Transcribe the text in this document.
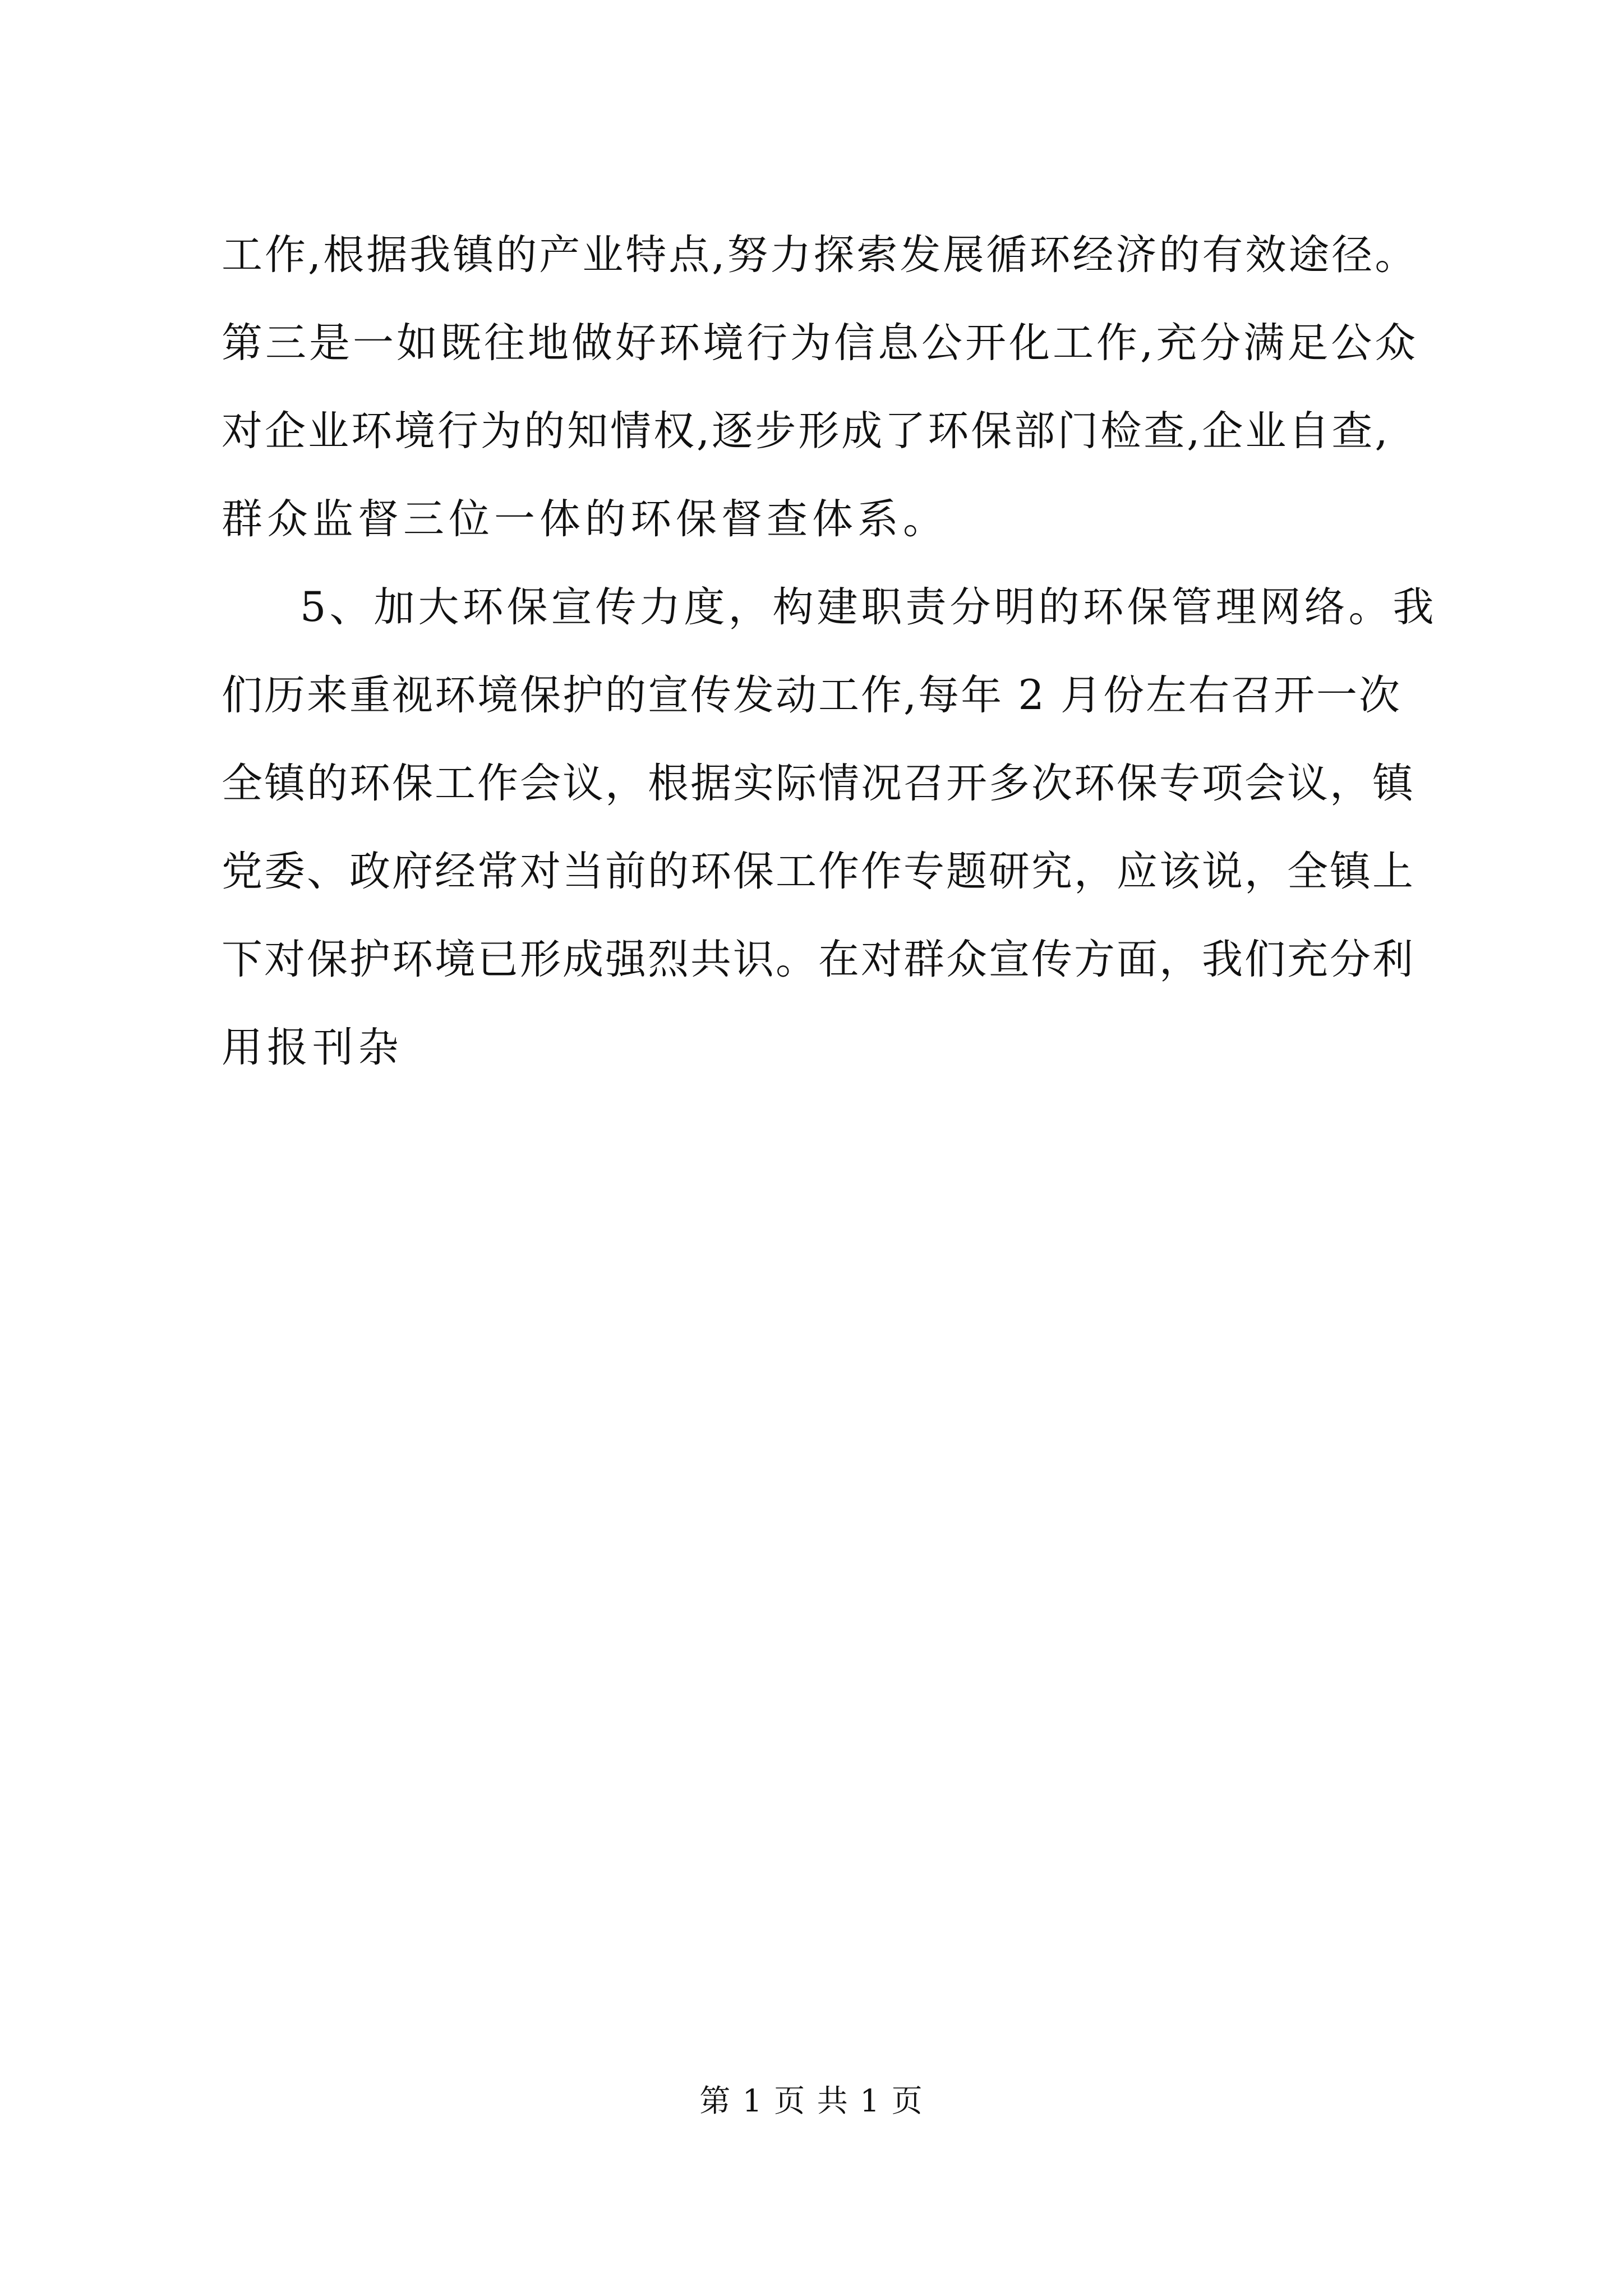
工作,根据我镇的产业特点,努力探索发展循环经济的有效途径。
第三是一如既往地做好环境行为信息公开化工作,充分满足公众
对企业环境行为的知情权,逐步形成了环保部门检查,企业自查,
群众监督三位一体的环保督查体系。
5、加大环保宣传力度，构建职责分明的环保管理网络。我
们历来重视环境保护的宣传发动工作,每年 2 月份左右召开一次
全镇的环保工作会议，根据实际情况召开多次环保专项会议，镇
党委、政府经常对当前的环保工作作专题研究，应该说，全镇上
下对保护环境已形成强烈共识。在对群众宣传方面，我们充分利
用报刊杂
第 1 页 共 1 页
